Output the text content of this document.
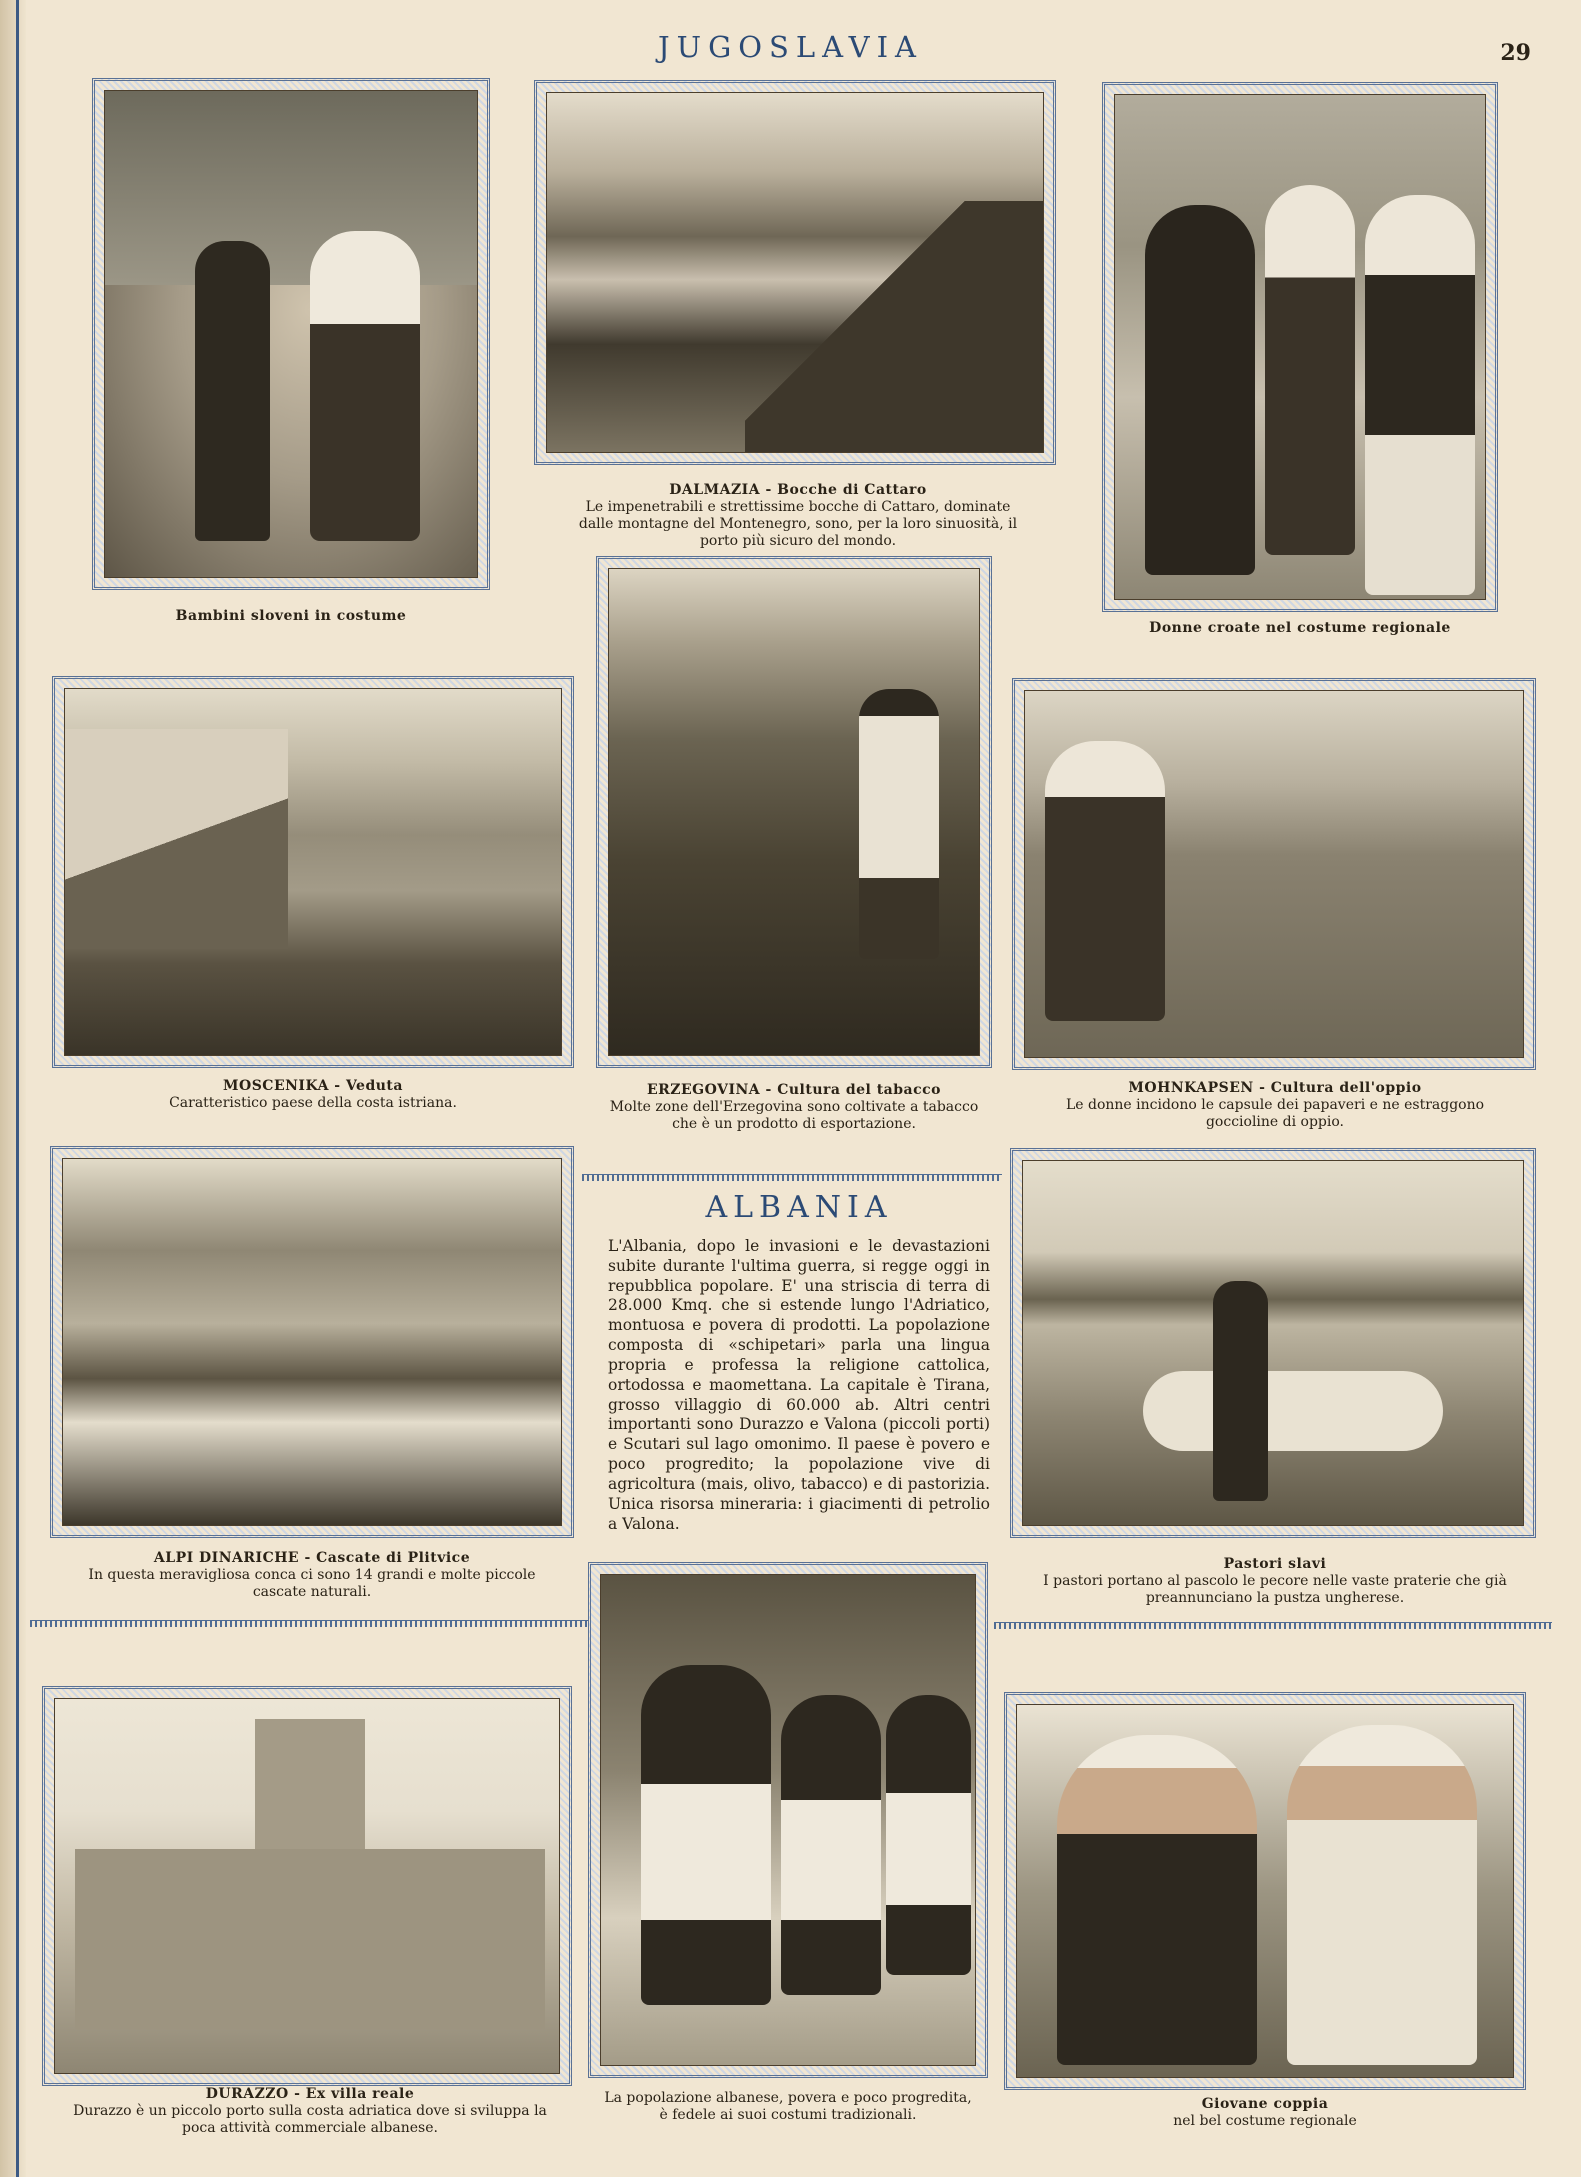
JUGOSLAVIA	29
Bambini sloveni in costume
DALMAZIA - Bocche di Cattaro
Le impenetrabili e strettissime bocche di Cattaro, dominate dalle montagne del Montenegro, sono, per la loro sinuosità, il porto più sicuro del mondo.
Donne croate nel costume regionale
MOSCENIKA - Veduta
Caratteristico paese della costa istriana.
ERZEGOVINA - Cultura del tabacco
Molte zone dell'Erzegovina sono coltivate a tabacco che è un prodotto di esportazione.
MOHNKAPSEN - Cultura dell'oppio
Le donne incidono le capsule dei papaveri e ne estraggono goccioline di oppio.
ALPI DINARICHE - Cascate di Plitvice
In questa meravigliosa conca ci sono 14 grandi e molte piccole cascate naturali.
ALBANIA
L'Albania, dopo le invasioni e le devastazioni subite durante l'ultima guerra, si regge oggi in repubblica popolare. E' una striscia di terra di 28.000 Kmq. che si estende lungo l'Adriatico, montuosa e povera di prodotti. La popolazione composta di «schipetari» parla una lingua propria e professa la religione cattolica, ortodossa e maomettana. La capitale è Tirana, grosso villaggio di 60.000 ab. Altri centri importanti sono Durazzo e Valona (piccoli porti) e Scutari sul lago omonimo. Il paese è povero e poco progredito; la popolazione vive di agricoltura (mais, olivo, tabacco) e di pastorizia. Unica risorsa mineraria: i giacimenti di petrolio a Valona.
Pastori slavi
I pastori portano al pascolo le pecore nelle vaste praterie che già preannunciano la pustza ungherese.
DURAZZO - Ex villa reale
Durazzo è un piccolo porto sulla costa adriatica dove si sviluppa la poca attività commerciale albanese.
La popolazione albanese, povera e poco progredita, è fedele ai suoi costumi tradizionali.
Giovane coppia
nel bel costume regionale
